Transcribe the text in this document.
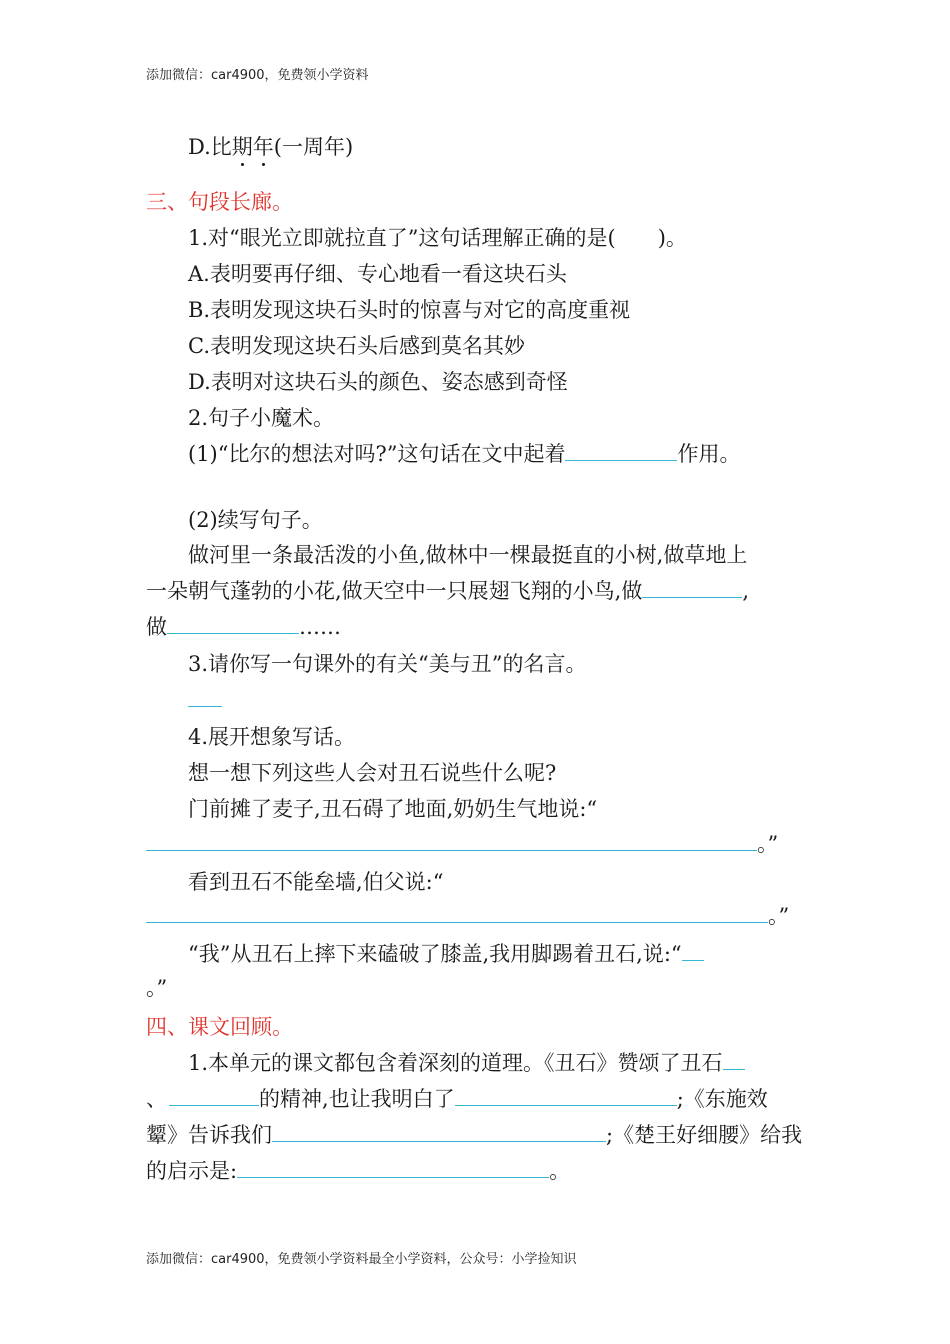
添加微信：car4900，免费领小学资料
D.比期年(一周年)
三、句段长廊。
1.对“眼光立即就拉直了”这句话理解正确的是(　　)。
A.表明要再仔细、专心地看一看这块石头
B.表明发现这块石头时的惊喜与对它的高度重视
C.表明发现这块石头后感到莫名其妙
D.表明对这块石头的颜色、姿态感到奇怪
2.句子小魔术。
(1)“比尔的想法对吗?”这句话在文中起着	作用。
(2)续写句子。
做河里一条最活泼的小鱼,做林中一棵最挺直的小树,做草地上
一朵朝气蓬勃的小花,做天空中一只展翅飞翔的小鸟,做	,
做	……
3.请你写一句课外的有关“美与丑”的名言。
4.展开想象写话。
想一想下列这些人会对丑石说些什么呢?
门前摊了麦子,丑石碍了地面,奶奶生气地说:“
。”
看到丑石不能垒墙,伯父说:“
。”
“我”从丑石上摔下来磕破了膝盖,我用脚踢着丑石,说:“
。”
四、课文回顾。
1.本单元的课文都包含着深刻的道理。《丑石》赞颂了丑石
、	的精神,也让我明白了	;《东施效
颦》告诉我们	;《楚王好细腰》给我
的启示是:	。
添加微信：car4900，免费领小学资料最全小学资料，公众号：小学捡知识
